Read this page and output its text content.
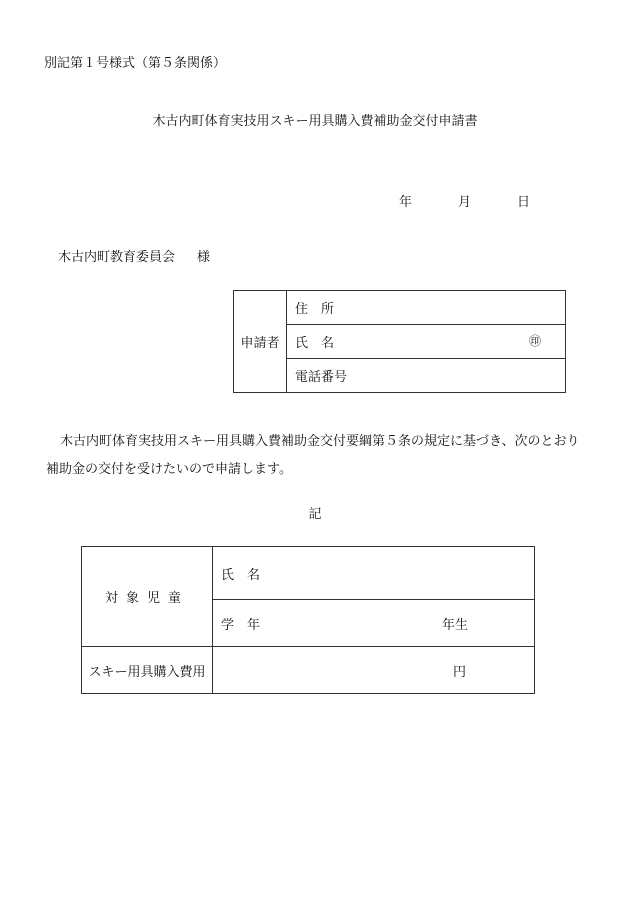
別記第１号様式（第５条関係）
木古内町体育実技用スキー用具購入費補助金交付申請書
年	月	日
木古内町教育委員会 様
申請者	住　所
氏　名	㊞

電話番号
木古内町体育実技用スキー用具購入費補助金交付要綱第５条の規定に基づき、次のとおり補助金の交付を受けたいので申請します。
記
対象児童	氏　名
	学　年 年生

スキー用具購入費用	円
